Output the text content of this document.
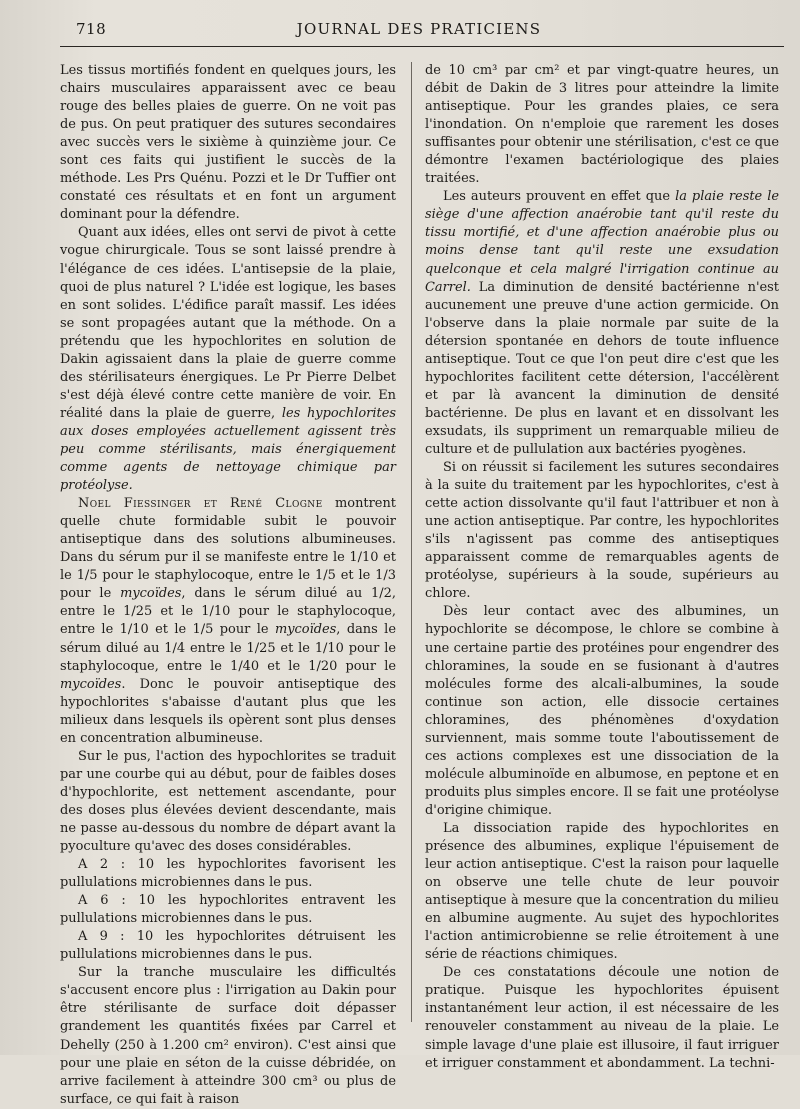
718	JOURNAL DES PRATICIENS

Les tissus mortifiés fondent en quelques jours, les chairs musculaires apparaissent avec ce beau rouge des belles plaies de guerre. On ne voit pas de pus. On peut pratiquer des sutures secondaires avec succès vers le sixième à quinzième jour. Ce sont ces faits qui justifient le succès de la méthode. Les Prs Quénu. Pozzi et le Dr Tuffier ont constaté ces résultats et en font un argument dominant pour la défendre.

Quant aux idées, elles ont servi de pivot à cette vogue chirurgicale. Tous se sont laissé prendre à l'élégance de ces idées. L'antisepsie de la plaie, quoi de plus naturel ? L'idée est logique, les bases en sont solides. L'édifice paraît massif. Les idées se sont propagées autant que la méthode. On a prétendu que les hypochlorites en solution de Dakin agissaient dans la plaie de guerre comme des stérilisateurs énergiques. Le Pr Pierre Delbet s'est déjà élevé contre cette manière de voir. En réalité dans la plaie de guerre, les hypochlorites aux doses employées actuellement agissent très peu comme stérilisants, mais énergiquement comme agents de nettoyage chimique par protéolyse.

Noel Fiessinger et René Clogne montrent quelle chute formidable subit le pouvoir antiseptique dans des solutions albumineuses. Dans du sérum pur il se manifeste entre le 1/10 et le 1/5 pour le staphylocoque, entre le 1/5 et le 1/3 pour le mycoïdes, dans le sérum dilué au 1/2, entre le 1/25 et le 1/10 pour le staphylocoque, entre le 1/10 et le 1/5 pour le mycoïdes, dans le sérum dilué au 1/4 entre le 1/25 et le 1/10 pour le staphylocoque, entre le 1/40 et le 1/20 pour le mycoïdes. Donc le pouvoir antiseptique des hypochlorites s'abaisse d'autant plus que les milieux dans lesquels ils opèrent sont plus denses en concentration albumineuse.

Sur le pus, l'action des hypochlorites se traduit par une courbe qui au début, pour de faibles doses d'hypochlorite, est nettement ascendante, pour des doses plus élevées devient descendante, mais ne passe au-dessous du nombre de départ avant la pyoculture qu'avec des doses considérables.

A 2 : 10 les hypochlorites favorisent les pullulations microbiennes dans le pus.

A 6 : 10 les hypochlorites entravent les pullulations microbiennes dans le pus.

A 9 : 10 les hypochlorites détruisent les pullulations microbiennes dans le pus.

Sur la tranche musculaire les difficultés s'accusent encore plus : l'irrigation au Dakin pour être stérilisante de surface doit dépasser grandement les quantités fixées par Carrel et Dehelly (250 à 1.200 cm² environ). C'est ainsi que pour une plaie en séton de la cuisse débridée, on arrive facilement à atteindre 300 cm³ ou plus de surface, ce qui fait à raison

de 10 cm³ par cm² et par vingt-quatre heures, un débit de Dakin de 3 litres pour atteindre la limite antiseptique. Pour les grandes plaies, ce sera l'inondation. On n'emploie que rarement les doses suffisantes pour obtenir une stérilisation, c'est ce que démontre l'examen bactériologique des plaies traitées.

Les auteurs prouvent en effet que la plaie reste le siège d'une affection anaérobie tant qu'il reste du tissu mortifié, et d'une affection anaérobie plus ou moins dense tant qu'il reste une exsudation quelconque et cela malgré l'irrigation continue au Carrel. La diminution de densité bactérienne n'est aucunement une preuve d'une action germicide. On l'observe dans la plaie normale par suite de la détersion spontanée en dehors de toute influence antiseptique. Tout ce que l'on peut dire c'est que les hypochlorites facilitent cette détersion, l'accélèrent et par là avancent la diminution de densité bactérienne. De plus en lavant et en dissolvant les exsudats, ils suppriment un remarquable milieu de culture et de pullulation aux bactéries pyogènes.

Si on réussit si facilement les sutures secondaires à la suite du traitement par les hypochlorites, c'est à cette action dissolvante qu'il faut l'attribuer et non à une action antiseptique. Par contre, les hypochlorites s'ils n'agissent pas comme des antiseptiques apparaissent comme de remarquables agents de protéolyse, supérieurs à la soude, supérieurs au chlore.

Dès leur contact avec des albumines, un hypochlorite se décompose, le chlore se combine à une certaine partie des protéines pour engendrer des chloramines, la soude en se fusionant à d'autres molécules forme des alcali-albumines, la soude continue son action, elle dissocie certaines chloramines, des phénomènes d'oxydation surviennent, mais somme toute l'aboutissement de ces actions complexes est une dissociation de la molécule albuminoïde en albumose, en peptone et en produits plus simples encore. Il se fait une protéolyse d'origine chimique.

La dissociation rapide des hypochlorites en présence des albumines, explique l'épuisement de leur action antiseptique. C'est la raison pour laquelle on observe une telle chute de leur pouvoir antiseptique à mesure que la concentration du milieu en albumine augmente. Au sujet des hypochlorites l'action antimicrobienne se relie étroitement à une série de réactions chimiques.

De ces constatations découle une notion de pratique. Puisque les hypochlorites épuisent instantanément leur action, il est nécessaire de les renouveler constamment au niveau de la plaie. Le simple lavage d'une plaie est illusoire, il faut irriguer et irriguer constamment et abondamment. La techni-
